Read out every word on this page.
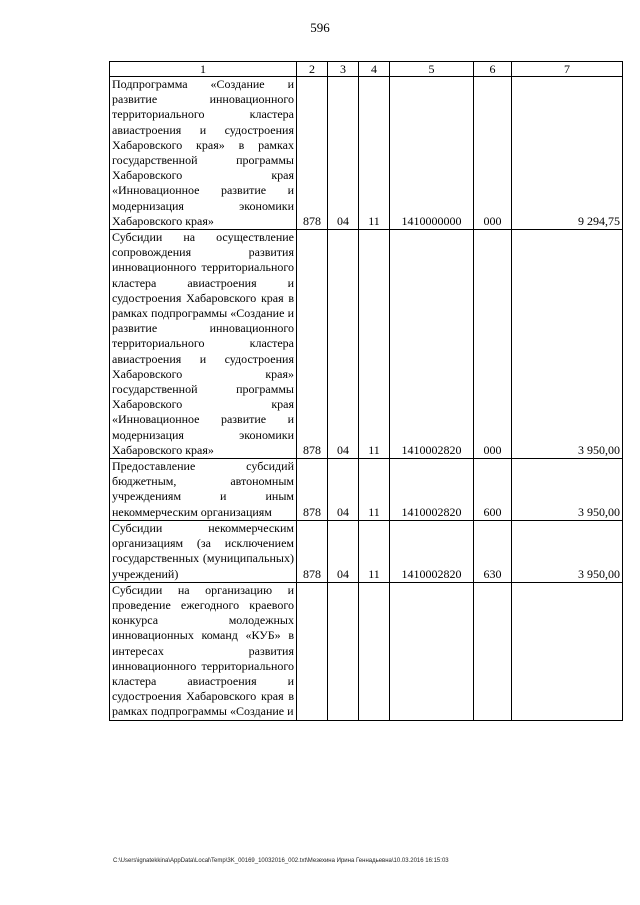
596
1	2	3	4	5	6	7
Подпрограмма «Создание и развитие инновационного территориального кластера авиастроения и судостроения Хабаровского края» в рамках государственной программы Хабаровского края «Инновационное развитие и модернизация экономики Хабаровского края»	878	04	11	1410000000	000	9 294,75
Субсидии на осуществление сопровождения развития инновационного территориального кластера авиастроения и судостроения Хабаровского края в рамках подпрограммы «Создание и развитие инновационного территориального кластера авиастроения и судостроения Хабаровского края» государственной программы Хабаровского края «Инновационное развитие и модернизация экономики Хабаровского края»	878	04	11	1410002820	000	3 950,00
Предоставление субсидий бюджетным, автономным учреждениям и иным некоммерческим организациям	878	04	11	1410002820	600	3 950,00
Субсидии некоммерческим организациям (за исключением государственных (муниципальных) учреждений)	878	04	11	1410002820	630	3 950,00
Субсидии на организацию и проведение ежегодного краевого конкурса молодежных инновационных команд «КУБ» в интересах развития инновационного территориального кластера авиастроения и судостроения Хабаровского края в рамках подпрограммы «Создание и						
C:\Users\ignatekkina\AppData\Local\Temp\3K_00169_10032016_002.txt\Мезехина Ирина Геннадьевна\10.03.2016 16:15:03
